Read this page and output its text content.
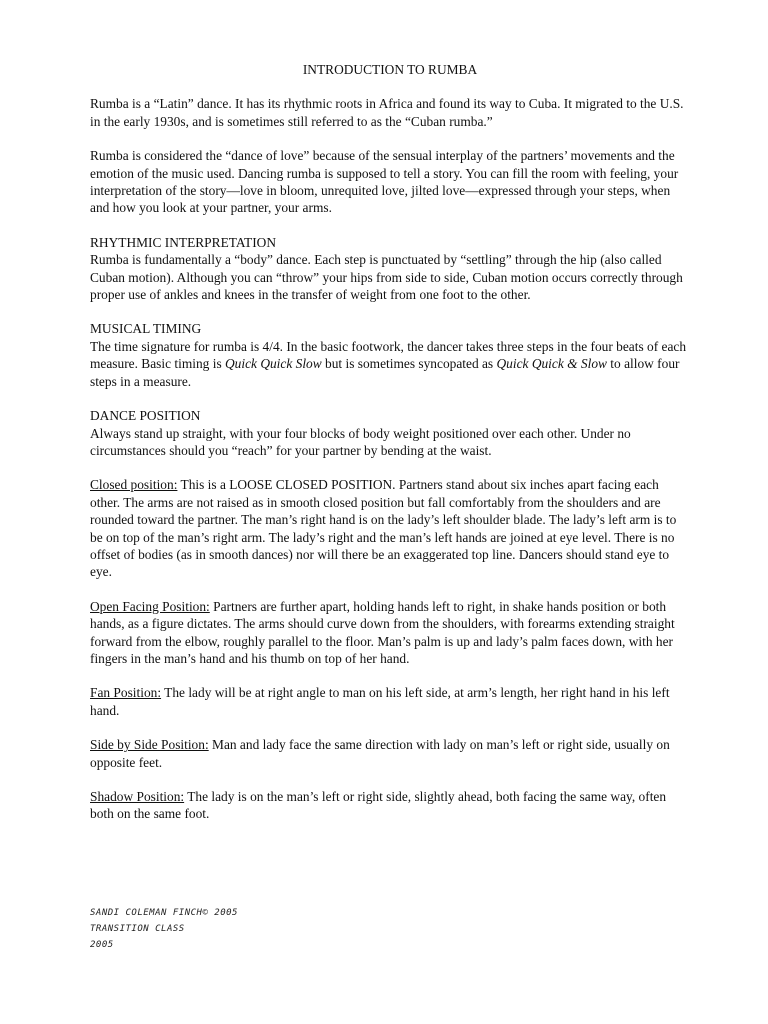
INTRODUCTION TO RUMBA

Rumba is a “Latin” dance. It has its rhythmic roots in Africa and found its way to Cuba. It migrated to the U.S. in the early 1930s, and is sometimes still referred to as the “Cuban rumba.”

Rumba is considered the “dance of love” because of the sensual interplay of the partners’ movements and the emotion of the music used. Dancing rumba is supposed to tell a story. You can fill the room with feeling, your interpretation of the story—love in bloom, unrequited love, jilted love—expressed through your steps, when and how you look at your partner, your arms.

RHYTHMIC INTERPRETATION
Rumba is fundamentally a “body” dance. Each step is punctuated by “settling” through the hip (also called Cuban motion). Although you can “throw” your hips from side to side, Cuban motion occurs correctly through proper use of ankles and knees in the transfer of weight from one foot to the other.

MUSICAL TIMING
The time signature for rumba is 4/4. In the basic footwork, the dancer takes three steps in the four beats of each measure. Basic timing is Quick Quick Slow but is sometimes syncopated as Quick Quick & Slow to allow four steps in a measure.

DANCE POSITION
Always stand up straight, with your four blocks of body weight positioned over each other. Under no circumstances should you “reach” for your partner by bending at the waist.

Closed position: This is a LOOSE CLOSED POSITION. Partners stand about six inches apart facing each other. The arms are not raised as in smooth closed position but fall comfortably from the shoulders and are rounded toward the partner. The man’s right hand is on the lady’s left shoulder blade. The lady’s left arm is to be on top of the man’s right arm. The lady’s right and the man’s left hands are joined at eye level. There is no offset of bodies (as in smooth dances) nor will there be an exaggerated top line. Dancers should stand eye to eye.

Open Facing Position: Partners are further apart, holding hands left to right, in shake hands position or both hands, as a figure dictates. The arms should curve down from the shoulders, with forearms extending straight forward from the elbow, roughly parallel to the floor. Man’s palm is up and lady’s palm faces down, with her fingers in the man’s hand and his thumb on top of her hand.

Fan Position: The lady will be at right angle to man on his left side, at arm’s length, her right hand in his left hand.

Side by Side Position: Man and lady face the same direction with lady on man’s left or right side, usually on opposite feet.

Shadow Position: The lady is on the man’s left or right side, slightly ahead, both facing the same way, often both on the same foot.

SANDI COLEMAN FINCH© 2005
TRANSITION CLASS
2005
